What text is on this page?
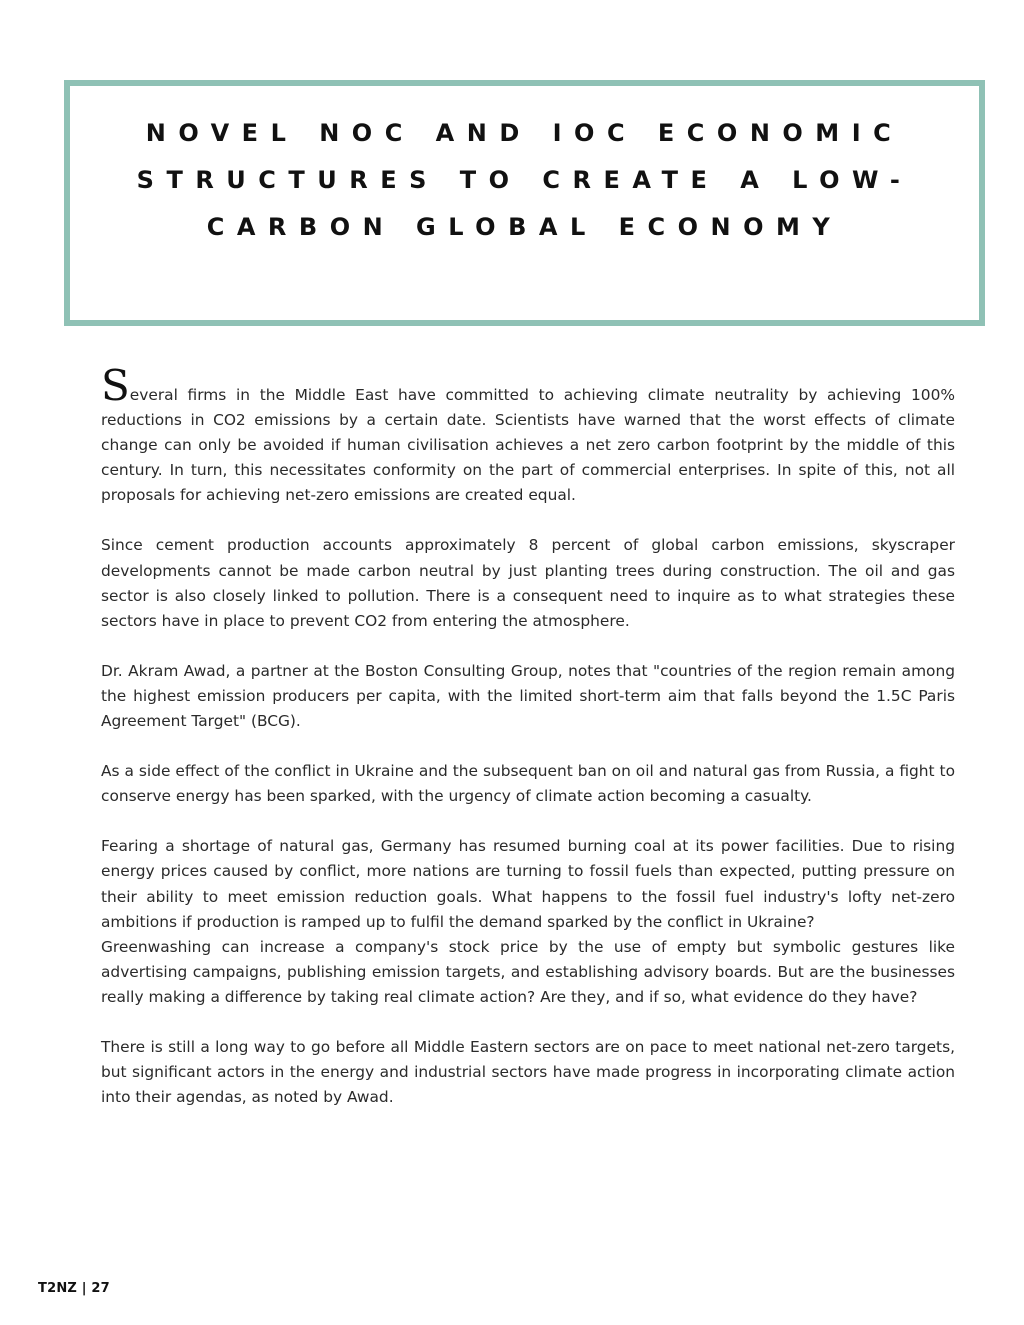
NOVEL NOC AND IOC ECONOMIC
STRUCTURES TO CREATE A LOW-
CARBON GLOBAL ECONOMY

Several firms in the Middle East have committed to achieving climate neutrality by achieving 100% reductions in CO2 emissions by a certain date. Scientists have warned that the worst effects of climate change can only be avoided if human civilisation achieves a net zero carbon footprint by the middle of this century. In turn, this necessitates conformity on the part of commercial enterprises. In spite of this, not all proposals for achieving net-zero emissions are created equal.

Since cement production accounts approximately 8 percent of global carbon emissions, skyscraper developments cannot be made carbon neutral by just planting trees during construction. The oil and gas sector is also closely linked to pollution. There is a consequent need to inquire as to what strategies these sectors have in place to prevent CO2 from entering the atmosphere.

Dr. Akram Awad, a partner at the Boston Consulting Group, notes that "countries of the region remain among the highest emission producers per capita, with the limited short-term aim that falls beyond the 1.5C Paris Agreement Target" (BCG).

As a side effect of the conflict in Ukraine and the subsequent ban on oil and natural gas from Russia, a fight to conserve energy has been sparked, with the urgency of climate action becoming a casualty.

Fearing a shortage of natural gas, Germany has resumed burning coal at its power facilities. Due to rising energy prices caused by conflict, more nations are turning to fossil fuels than expected, putting pressure on their ability to meet emission reduction goals. What happens to the fossil fuel industry's lofty net-zero ambitions if production is ramped up to fulfil the demand sparked by the conflict in Ukraine?

Greenwashing can increase a company's stock price by the use of empty but symbolic gestures like advertising campaigns, publishing emission targets, and establishing advisory boards. But are the businesses really making a difference by taking real climate action? Are they, and if so, what evidence do they have?

There is still a long way to go before all Middle Eastern sectors are on pace to meet national net-zero targets, but significant actors in the energy and industrial sectors have made progress in incorporating climate action into their agendas, as noted by Awad.

T2NZ | 27
